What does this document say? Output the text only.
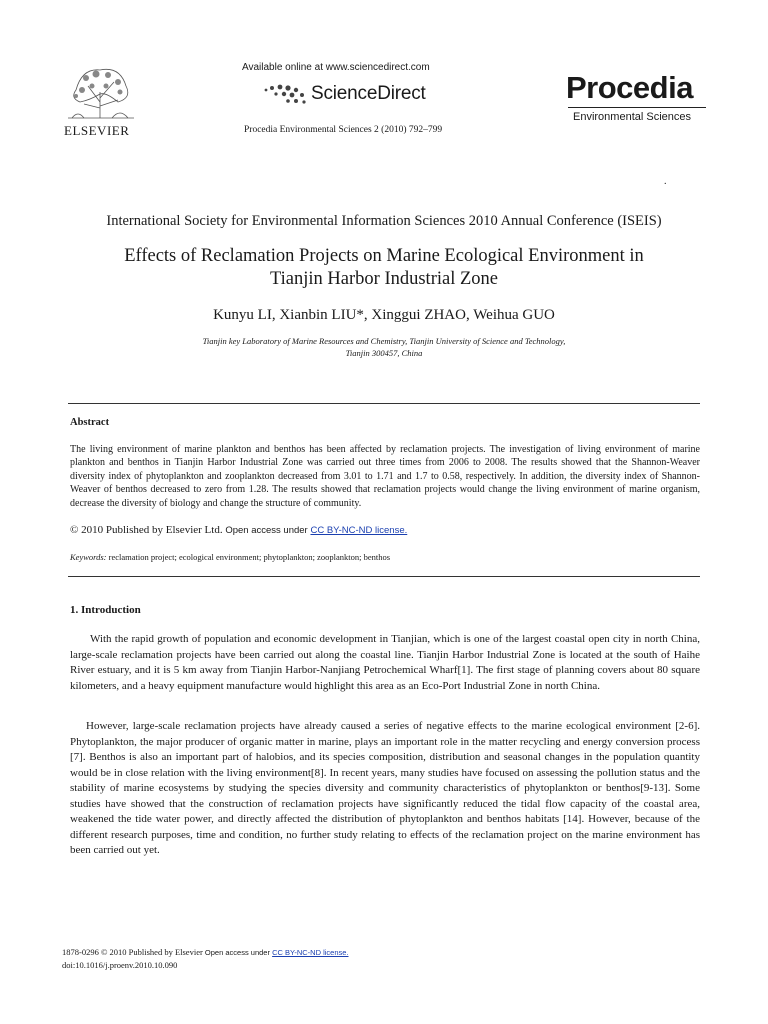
ELSEVIER
Available online at www.sciencedirect.com
ScienceDirect
Procedia Environmental Sciences 2 (2010) 792–799
Procedia
Environmental Sciences
.
International Society for Environmental Information Sciences 2010 Annual Conference (ISEIS)
Effects of Reclamation Projects on Marine Ecological Environment in
Tianjin Harbor Industrial Zone
Kunyu LI, Xianbin LIU*, Xinggui ZHAO, Weihua GUO
Tianjin key Laboratory of Marine Resources and Chemistry, Tianjin University of Science and Technology,
Tianjin 300457, China
Abstract
The living environment of marine plankton and benthos has been affected by reclamation projects. The investigation of living environment of marine plankton and benthos in Tianjin Harbor Industrial Zone was carried out three times from 2006 to 2008. The results showed that the Shannon-Weaver diversity index of phytoplankton and zooplankton decreased from 3.01 to 1.71 and 1.7 to 0.58, respectively. In addition, the diversity index of Shannon-Weaver of benthos decreased to zero from 1.28. The results showed that reclamation projects would change the living environment of marine organism, decrease the diversity of biology and change the structure of community.
© 2010 Published by Elsevier Ltd. Open access under CC BY-NC-ND license.
Keywords: reclamation project; ecological environment; phytoplankton; zooplankton; benthos
1. Introduction
With the rapid growth of population and economic development in Tianjian, which is one of the largest coastal open city in north China, large-scale reclamation projects have been carried out along the coastal line. Tianjin Harbor Industrial Zone is located at the south of Haihe River estuary, and it is 5 km away from Tianjin Harbor-Nanjiang Petrochemical Wharf[1]. The first stage of planning covers about 80 square kilometers, and a heavy equipment manufacture would highlight this area as an Eco-Port Industrial Zone in north China.
However, large-scale reclamation projects have already caused a series of negative effects to the marine ecological environment [2-6]. Phytoplankton, the major producer of organic matter in marine, plays an important role in the matter recycling and energy conversion process [7]. Benthos is also an important part of halobios, and its species composition, distribution and seasonal changes in the population quantity would be in close relation with the living environment[8]. In recent years, many studies have focused on assessing the pollution status and the stability of marine ecosystems by studying the species diversity and community characteristics of phytoplankton or benthos[9-13]. Some studies have showed that the construction of reclamation projects have significantly reduced the tidal flow capacity of the coastal area, weakened the tide water power, and directly affected the distribution of phytoplankton and benthos habitats [14]. However, because of the different research purposes, time and condition, no further study relating to effects of the reclamation project on the marine environment has been carried out yet.
1878-0296 © 2010 Published by Elsevier Open access under CC BY-NC-ND license.
doi:10.1016/j.proenv.2010.10.090
